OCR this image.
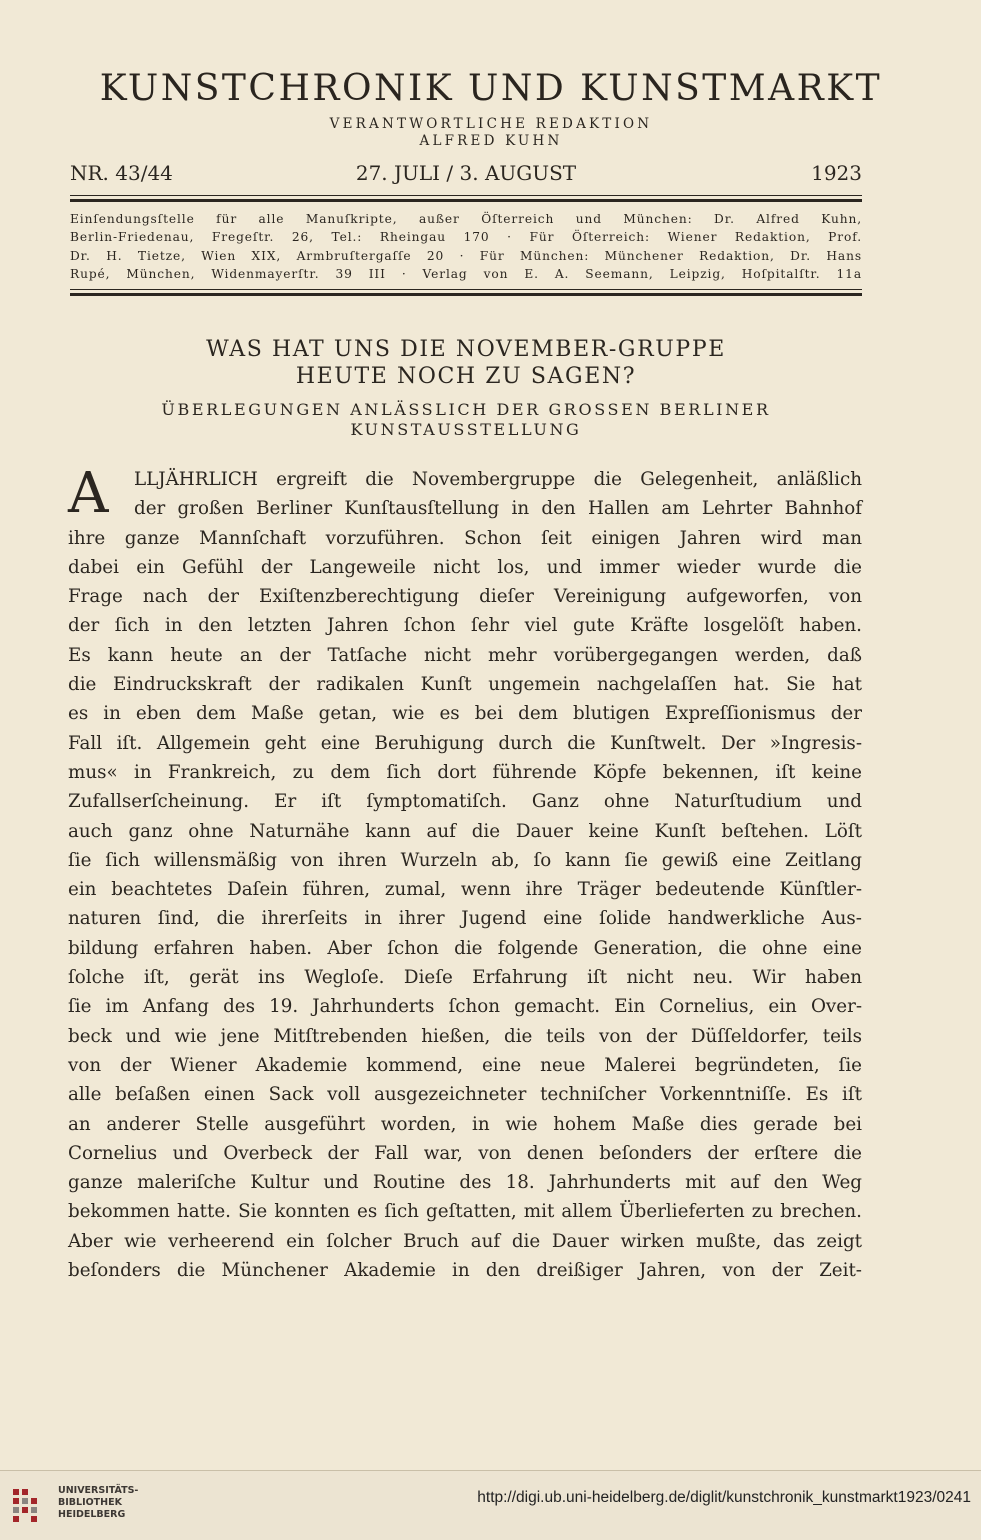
KUNSTCHRONIK UND KUNSTMARKT
VERANTWORTLICHE REDAKTION
ALFRED KUHN
NR. 43/44	27. JULI / 3. AUGUST	1923
Einſendungsſtelle für alle Manuſkripte, außer Öſterreich und München: Dr. Alfred Kuhn,
Berlin-Friedenau, Fregeſtr. 26, Tel.: Rheingau 170 · Für Öſterreich: Wiener Redaktion, Prof.
Dr. H. Tietze, Wien XIX, Armbruſtergaſſe 20 · Für München: Münchener Redaktion, Dr. Hans
Rupé, München, Widenmayerſtr. 39 III · Verlag von E. A. Seemann, Leipzig, Hoſpitalſtr. 11a
WAS HAT UNS DIE NOVEMBER-GRUPPE
HEUTE NOCH ZU SAGEN?
ÜBERLEGUNGEN ANLÄSSLICH DER GROSSEN BERLINER
KUNSTAUSSTELLUNG
A	LLJÄHRLICH ergreift die Novembergruppe die Gelegenheit, anläßlich
der großen Berliner Kunſtausſtellung in den Hallen am Lehrter Bahnhof
ihre ganze Mannſchaft vorzuführen. Schon ſeit einigen Jahren wird man
dabei ein Gefühl der Langeweile nicht los, und immer wieder wurde die
Frage nach der Exiſtenzberechtigung dieſer Vereinigung aufgeworfen, von
der ſich in den letzten Jahren ſchon ſehr viel gute Kräfte losgelöſt haben.
Es kann heute an der Tatſache nicht mehr vorübergegangen werden, daß
die Eindruckskraft der radikalen Kunſt ungemein nachgelaſſen hat. Sie hat
es in eben dem Maße getan, wie es bei dem blutigen Expreſſionismus der
Fall iſt. Allgemein geht eine Beruhigung durch die Kunſtwelt. Der »Ingresis-
mus« in Frankreich, zu dem ſich dort führende Köpfe bekennen, iſt keine
Zufallserſcheinung. Er iſt ſymptomatiſch. Ganz ohne Naturſtudium und
auch ganz ohne Naturnähe kann auf die Dauer keine Kunſt beſtehen. Löſt
ſie ſich willensmäßig von ihren Wurzeln ab, ſo kann ſie gewiß eine Zeitlang
ein beachtetes Daſein führen, zumal, wenn ihre Träger bedeutende Künſtler-
naturen ſind, die ihrerſeits in ihrer Jugend eine ſolide handwerkliche Aus-
bildung erfahren haben. Aber ſchon die folgende Generation, die ohne eine
ſolche iſt, gerät ins Wegloſe. Dieſe Erfahrung iſt nicht neu. Wir haben
ſie im Anfang des 19. Jahrhunderts ſchon gemacht. Ein Cornelius, ein Over-
beck und wie jene Mitſtrebenden hießen, die teils von der Düſſeldorfer, teils
von der Wiener Akademie kommend, eine neue Malerei begründeten, ſie
alle beſaßen einen Sack voll ausgezeichneter techniſcher Vorkenntniſſe. Es iſt
an anderer Stelle ausgeführt worden, in wie hohem Maße dies gerade bei
Cornelius und Overbeck der Fall war, von denen beſonders der erſtere die
ganze maleriſche Kultur und Routine des 18. Jahrhunderts mit auf den Weg
bekommen hatte. Sie konnten es ſich geſtatten, mit allem Überlieferten zu brechen.
Aber wie verheerend ein ſolcher Bruch auf die Dauer wirken mußte, das zeigt
beſonders die Münchener Akademie in den dreißiger Jahren, von der Zeit-
UNIVERSITÄTS-
BIBLIOTHEK
HEIDELBERG
http://digi.ub.uni-heidelberg.de/diglit/kunstchronik_kunstmarkt1923/0241
